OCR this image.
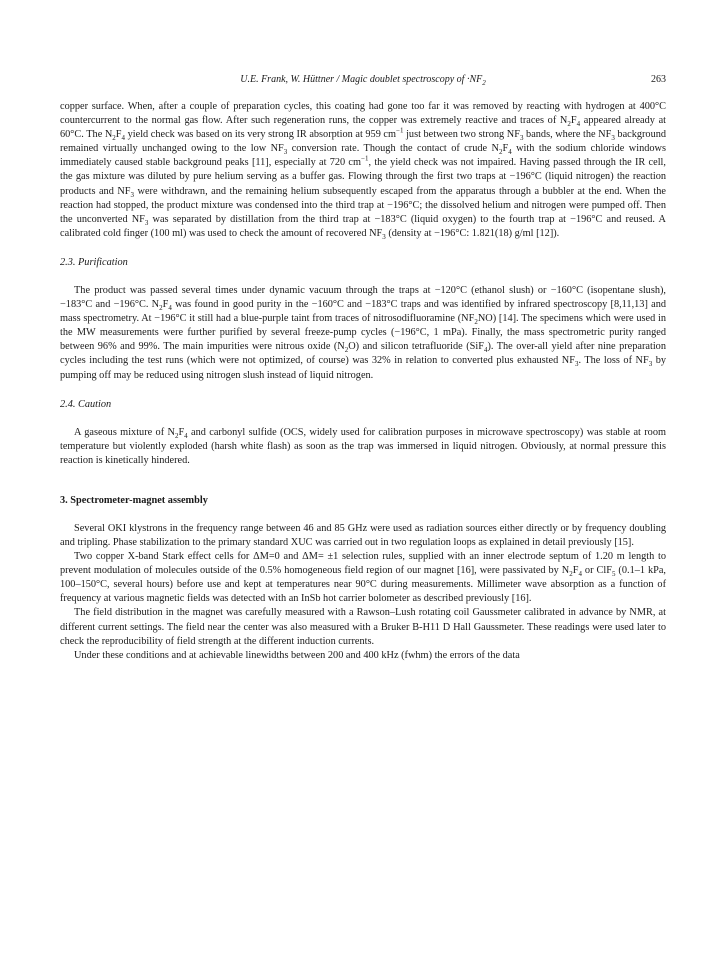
U.E. Frank, W. Hüttner / Magic doublet spectroscopy of $\cdot NF_2$	263

copper surface. When, after a couple of preparation cycles, this coating had gone too far it was removed by reacting with hydrogen at 400°C countercurrent to the normal gas flow. After such regeneration runs, the copper was extremely reactive and traces of $N_2F_4$ appeared already at 60°C. The $N_2F_4$ yield check was based on its very strong IR absorption at 959 $cm^{-1}$ just between two strong $NF_3$ bands, where the $NF_3$ background remained virtually unchanged owing to the low $NF_3$ conversion rate. Though the contact of crude $N_2F_4$ with the sodium chloride windows immediately caused stable background peaks [11], especially at 720 $cm^{-1}$, the yield check was not impaired. Having passed through the IR cell, the gas mixture was diluted by pure helium serving as a buffer gas. Flowing through the first two traps at −196°C (liquid nitrogen) the reaction products and $NF_3$ were withdrawn, and the remaining helium subsequently escaped from the apparatus through a bubbler at the end. When the reaction had stopped, the product mixture was condensed into the third trap at −196°C; the dissolved helium and nitrogen were pumped off. Then the unconverted $NF_3$ was separated by distillation from the third trap at −183°C (liquid oxygen) to the fourth trap at −196°C and reused. A calibrated cold finger (100 ml) was used to check the amount of recovered $NF_3$ (density at −196°C: 1.821(18) g/ml [12]).

2.3. Purification

The product was passed several times under dynamic vacuum through the traps at −120°C (ethanol slush) or −160°C (isopentane slush), −183°C and −196°C. $N_2F_4$ was found in good purity in the −160°C and −183°C traps and was identified by infrared spectroscopy [8,11,13] and mass spectrometry. At −196°C it still had a blue-purple taint from traces of nitrosodifluoramine $(NF_2NO)$ [14]. The specimens which were used in the MW measurements were further purified by several freeze-pump cycles (−196°C, 1 mPa). Finally, the mass spectrometric purity ranged between 96% and 99%. The main impurities were nitrous oxide $(N_2O)$ and silicon tetrafluoride (SiF$_4$). The over-all yield after nine preparation cycles including the test runs (which were not optimized, of course) was 32% in relation to converted plus exhausted $NF_3$. The loss of $NF_3$ by pumping off may be reduced using nitrogen slush instead of liquid nitrogen.

2.4. Caution

A gaseous mixture of $N_2F_4$ and carbonyl sulfide (OCS, widely used for calibration purposes in microwave spectroscopy) was stable at room temperature but violently exploded (harsh white flash) as soon as the trap was immersed in liquid nitrogen. Obviously, at normal pressure this reaction is kinetically hindered.

3. Spectrometer-magnet assembly

Several OKI klystrons in the frequency range between 46 and 85 GHz were used as radiation sources either directly or by frequency doubling and tripling. Phase stabilization to the primary standard XUC was carried out in two regulation loops as explained in detail previously [15].

Two copper X-band Stark effect cells for ΔM=0 and ΔM= ±1 selection rules, supplied with an inner electrode septum of 1.20 m length to prevent modulation of molecules outside of the 0.5% homogeneous field region of our magnet [16], were passivated by $N_2F_4$ or ClF$_5$ (0.1–1 kPa, 100–150°C, several hours) before use and kept at temperatures near 90°C during measurements. Millimeter wave absorption as a function of frequency at various magnetic fields was detected with an InSb hot carrier bolometer as described previously [16].

The field distribution in the magnet was carefully measured with a Rawson–Lush rotating coil Gaussmeter calibrated in advance by NMR, at different current settings. The field near the center was also measured with a Bruker B-H11 D Hall Gaussmeter. These readings were used later to check the reproducibility of field strength at the different induction currents.

Under these conditions and at achievable linewidths between 200 and 400 kHz (fwhm) the errors of the data
